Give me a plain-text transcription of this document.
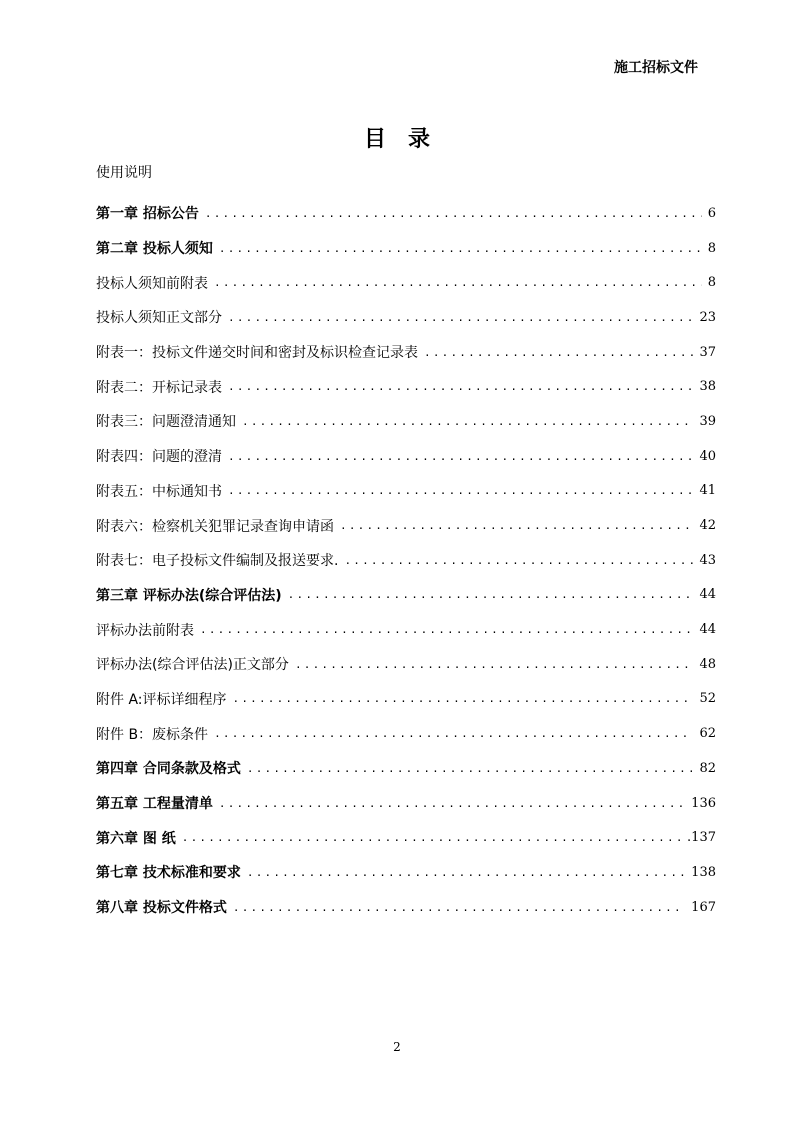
施工招标文件
目录
使用说明
第一章 招标公告 .....	6
第二章 投标人须知 .....	8
投标人须知前附表 .....	8
投标人须知正文部分 .....	23
附表一：投标文件递交时间和密封及标识检查记录表 .....	37
附表二：开标记录表 .....	38
附表三：问题澄清通知 .....	39
附表四：问题的澄清 .....	40
附表五：中标通知书 .....	41
附表六：检察机关犯罪记录查询申请函 .....	42
附表七：电子投标文件编制及报送要求. .....	43
第三章 评标办法(综合评估法) .....	44
评标办法前附表 .....	44
评标办法(综合评估法)正文部分 .....	48
附件 A:评标详细程序 .....	52
附件 B：废标条件 .....	62
第四章 合同条款及格式 .....	82
第五章 工程量清单 .....	136
第六章 图 纸 .....	.137
第七章 技术标准和要求 .....	138
第八章 投标文件格式 .....	167
2
